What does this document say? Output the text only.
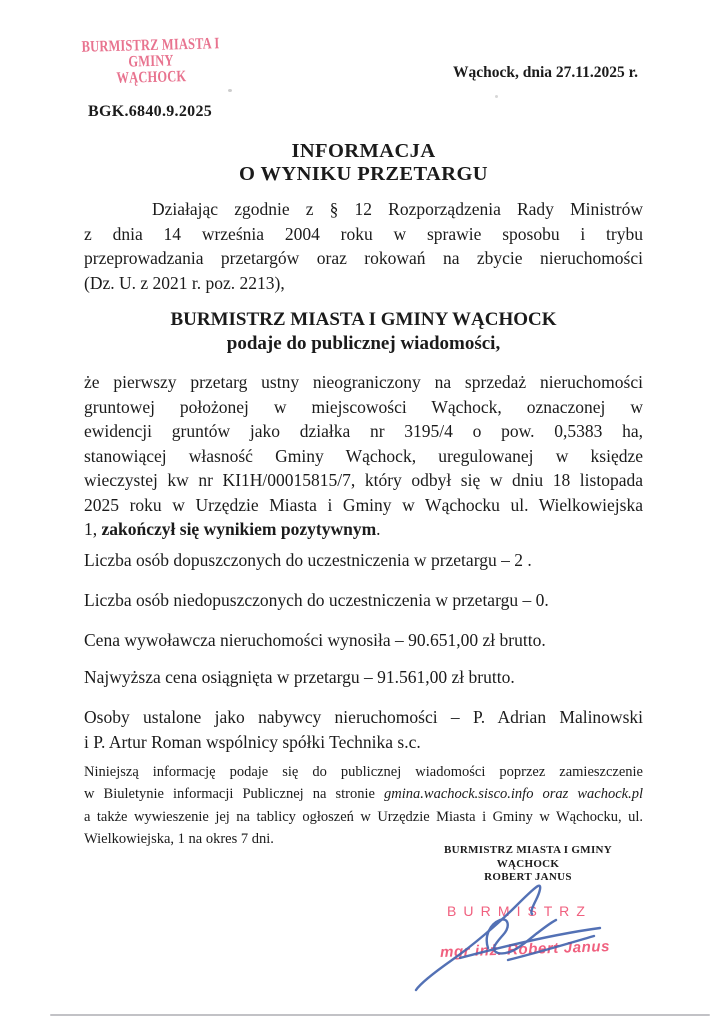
BURMISTRZ MIASTA I GMINY
WĄCHOCK	Wąchock, dnia 27.11.2025 r.
BGK.6840.9.2025
INFORMACJA
O WYNIKU PRZETARGU
Działając zgodnie z § 12 Rozporządzenia Rady Ministrów
z dnia 14 września 2004 roku w sprawie sposobu i trybu
przeprowadzania przetargów oraz rokowań na zbycie nieruchomości
(Dz. U. z 2021 r. poz. 2213),
BURMISTRZ MIASTA I GMINY WĄCHOCK
podaje do publicznej wiadomości,
że pierwszy przetarg ustny nieograniczony na sprzedaż nieruchomości
gruntowej położonej w miejscowości Wąchock, oznaczonej w
ewidencji gruntów jako działka nr 3195/4 o pow. 0,5383 ha,
stanowiącej własność Gminy Wąchock, uregulowanej w księdze
wieczystej kw nr KI1H/00015815/7, który odbył się w dniu 18 listopada
2025 roku w Urzędzie Miasta i Gminy w Wąchocku ul. Wielkowiejska
1, zakończył się wynikiem pozytywnym.
Liczba osób dopuszczonych do uczestniczenia w przetargu – 2 .
Liczba osób niedopuszczonych do uczestniczenia w przetargu – 0.
Cena wywoławcza nieruchomości wynosiła – 90.651,00 zł brutto.
Najwyższa cena osiągnięta w przetargu – 91.561,00 zł brutto.
Osoby ustalone jako nabywcy nieruchomości – P. Adrian Malinowski
i P. Artur Roman wspólnicy spółki Technika s.c.
Niniejszą informację podaje się do publicznej wiadomości poprzez zamieszczenie
w Biuletynie informacji Publicznej na stronie gmina.wachock.sisco.info oraz wachock.pl
a także wywieszenie jej na tablicy ogłoszeń w Urzędzie Miasta i Gminy w Wąchocku, ul.
Wielkowiejska, 1 na okres 7 dni.
BURMISTRZ MIASTA I GMINY
WĄCHOCK
ROBERT JANUS
B U R M I S T R Z
mgr inż. Robert Janus
